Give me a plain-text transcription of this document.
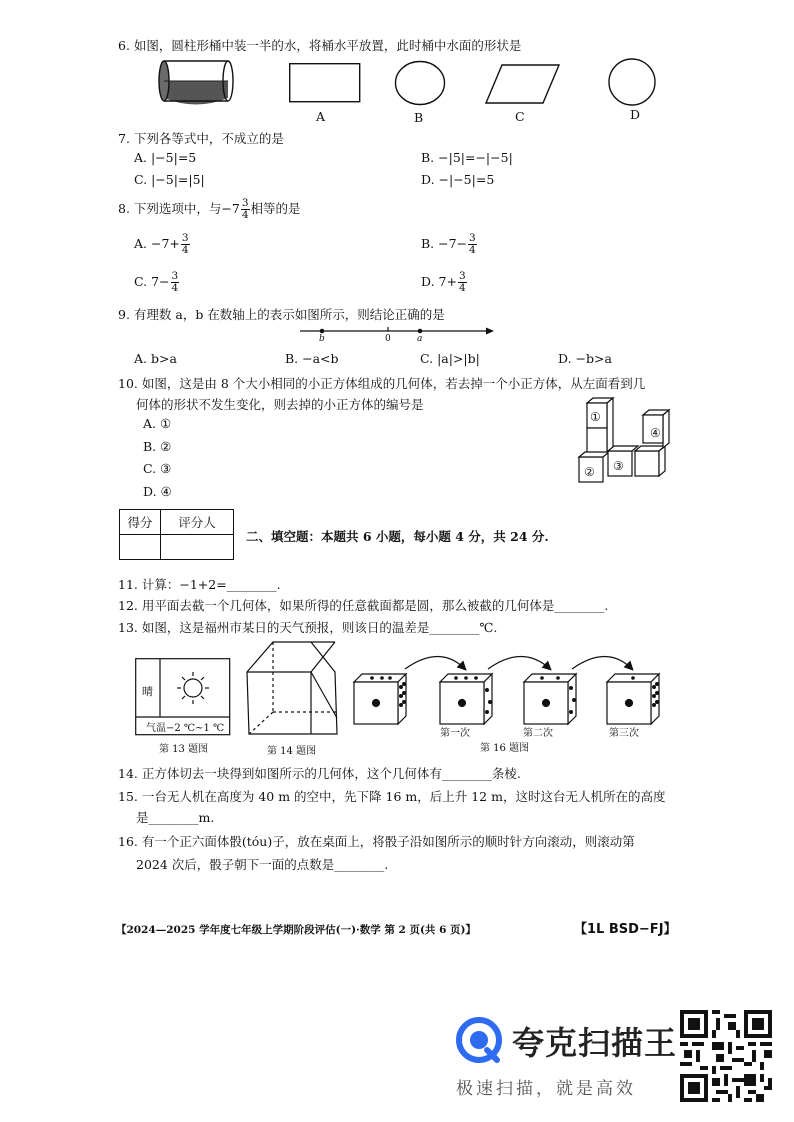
6. 如图，圆柱形桶中装一半的水，将桶水平放置，此时桶中水面的形状是
A	B	C	D
7. 下列各等式中，不成立的是
A. |−5|=5	B. −|5|=−|−5|
C. |−5|=|5|	D. −|−5|=5
8. 下列选项中，与$-7 \frac{3}{4}$ 相等的是
A. $-7+ \frac{3}{4}$	B. $-7- \frac{3}{4}$
C. $7- \frac{3}{4}$	D. $7+ \frac{3}{4}$
9. 有理数 a，b 在数轴上的表示如图所示，则结论正确的是
b	0	a
A. b>a	B. −a<b	C. |a|>|b|	D. −b>a
10. 如图，这是由 8 个大小相同的小正方体组成的几何体，若去掉一个小正方体，从左面看到几
何体的形状不发生变化，则去掉的小正方体的编号是
A. ①
B. ②
C. ③
D. ④
①
② ③
④
得分	评分人

二、填空题：本题共 6 小题，每小题 4 分，共 24 分.
11. 计算：−1+2=________.
12. 用平面去截一个几何体，如果所得的任意截面都是圆，那么被截的几何体是________.
13. 如图，这是福州市某日的天气预报，则该日的温差是________℃.
晴
气温−2 ℃~1 ℃
第 13 题图	第 14 题图
第一次	第二次	第三次
第 16 题图
14. 正方体切去一块得到如图所示的几何体，这个几何体有________条棱.
15. 一台无人机在高度为 40 m 的空中，先下降 16 m，后上升 12 m，这时这台无人机所在的高度
是________m.
16. 有一个正六面体骰(tóu)子，放在桌面上，将骰子沿如图所示的顺时针方向滚动，则滚动第
2024 次后，骰子朝下一面的点数是________.
【2024—2025 学年度七年级上学期阶段评估(一)·数学 第 2 页(共 6 页)】	【1L BSD−FJ】
夸克扫描王
极速扫描，就是高效
